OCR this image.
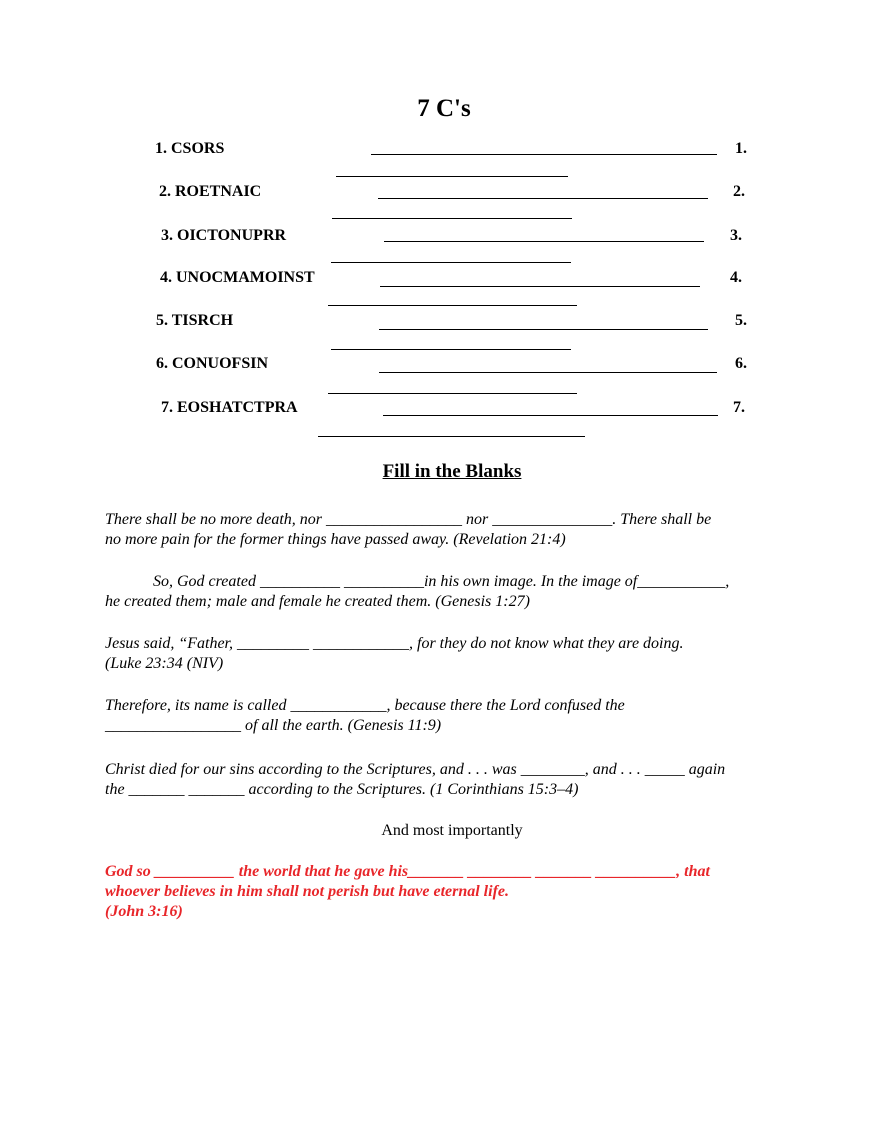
7 C's
1. CSORS	1.
2. ROETNAIC	2.
3. OICTONUPRR	3.
4. UNOCMAMOINST	4.
5. TISRCH	5.
6. CONUOFSIN	6.
7. EOSHATCTPRA	7.
Fill in the Blanks

There shall be no more death, nor _________________ nor _______________. There shall be

no more pain for the former things have passed away. (Revelation 21:4)

So, God created __________ __________in his own image. In the image of___________,

he created them; male and female he created them. (Genesis 1:27)

Jesus said, “Father, _________ ____________, for they do not know what they are doing.

(Luke 23:34 (NIV)

Therefore, its name is called ____________, because there the Lord confused the

_________________ of all the earth. (Genesis 11:9)

Christ died for our sins according to the Scriptures, and . . . was ________, and . . . _____ again

the _______ _______ according to the Scriptures. (1 Corinthians 15:3–4)

And most importantly

God so __________ the world that he gave his_______ ________ _______ __________, that

whoever believes in him shall not perish but have eternal life.

(John 3:16)
